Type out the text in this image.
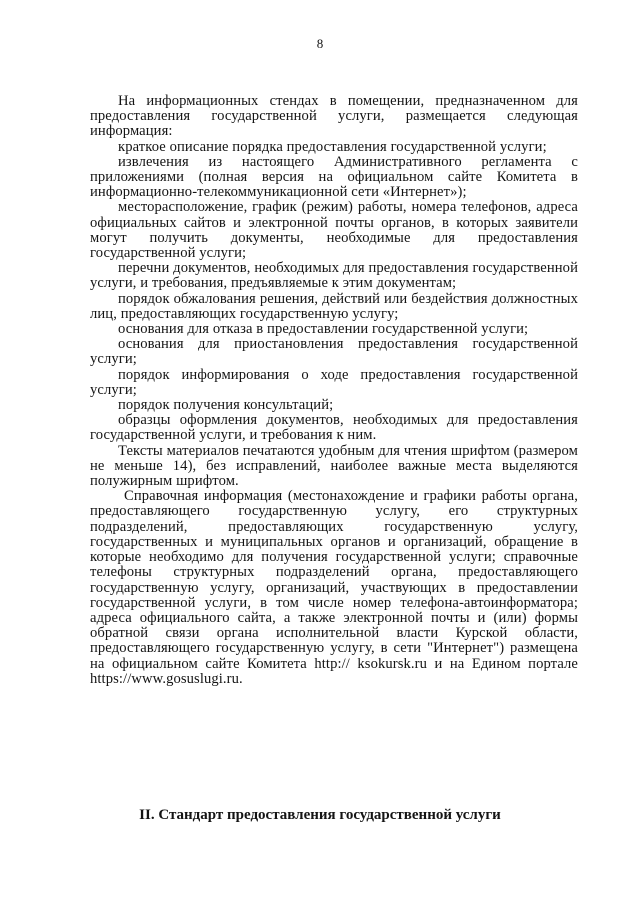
8

На информационных стендах в помещении, предназначенном для предоставления государственной услуги, размещается следующая информация:

краткое описание порядка предоставления государственной услуги;

извлечения из настоящего Административного регламента с приложениями (полная версия на официальном сайте Комитета в информационно-телекоммуникационной сети «Интернет»);

месторасположение, график (режим) работы, номера телефонов, адреса официальных сайтов и электронной почты органов, в которых заявители могут получить документы, необходимые для предоставления государственной услуги;

перечни документов, необходимых для предоставления государственной услуги, и требования, предъявляемые к этим документам;

порядок обжалования решения, действий или бездействия должностных лиц, предоставляющих государственную услугу;

основания для отказа в предоставлении государственной услуги;

основания для приостановления предоставления государственной услуги;

порядок информирования о ходе предоставления государственной услуги;

порядок получения консультаций;

образцы оформления документов, необходимых для предоставления государственной услуги, и требования к ним.

Тексты материалов печатаются удобным для чтения шрифтом (размером не меньше 14), без исправлений, наиболее важные места выделяются полужирным шрифтом.

Справочная информация (местонахождение и графики работы органа, предоставляющего государственную услугу, его структурных подразделений, предоставляющих государственную услугу, государственных и муниципальных органов и организаций, обращение в которые необходимо для получения государственной услуги; справочные телефоны структурных подразделений органа, предоставляющего государственную услугу, организаций, участвующих в предоставлении государственной услуги, в том числе номер телефона-автоинформатора; адреса официального сайта, а также электронной почты и (или) формы обратной связи органа исполнительной власти Курской области, предоставляющего государственную услугу, в сети "Интернет") размещена на официальном сайте Комитета http:// ksokursk.ru и на Едином портале https://www.gosuslugi.ru.

II. Стандарт предоставления государственной услуги
